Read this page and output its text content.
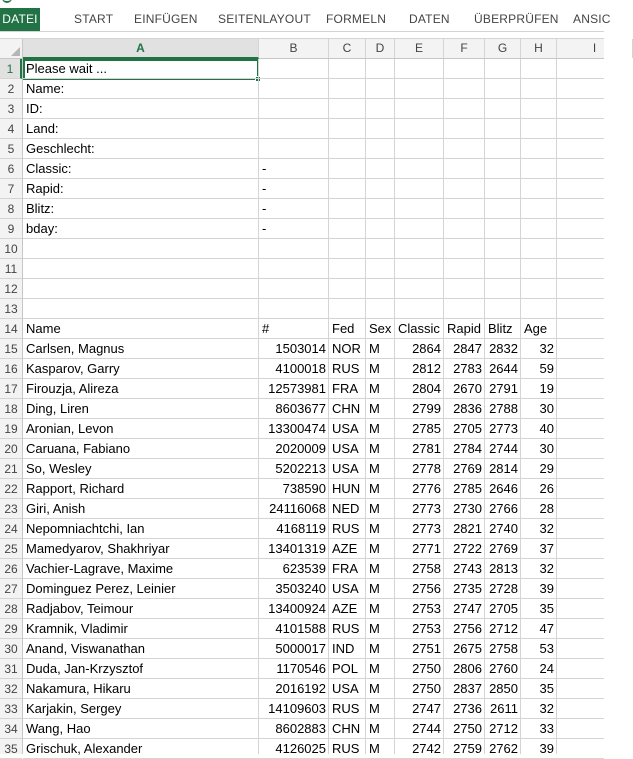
DATEI	START EINFÜGEN SEITENLAYOUT FORMELN DATEN ÜBERPRÜFEN ANSIC
A	B	C	D	E	F	G	H	I
1
2
3
4
5
6
7
8
9
10
11
12
13
14
15
16
17
18
19
20
21
22
23
24
25
26
27
28
29
30
31
32
33
34
35
Please wait ...
Name:
ID:
Land:
Geschlecht:
Classic:	-
Rapid:	-
Blitz:	-
bday:	-
Name	#	Fed	Sex Classic Rapid Blitz Age
Carlsen, Magnus	1503014 NOR M	2864 2847 2832	32
Kasparov, Garry	4100018 RUS M	2812 2783 2644	59
Firouzja, Alireza	12573981 FRA M	2804 2670 2791	19
Ding, Liren	8603677 CHN M	2799 2836 2788	30
Aronian, Levon	13300474 USA M	2785 2705 2773	40
Caruana, Fabiano	2020009 USA M	2781 2784 2744	30
So, Wesley	5202213 USA M	2778 2769 2814	29
Rapport, Richard	738590 HUN M	2776 2785 2646	26
Giri, Anish	24116068 NED M	2773 2730 2766	28
Nepomniachtchi, Ian	4168119 RUS M	2773 2821 2740	32
Mamedyarov, Shakhriyar	13401319 AZE M	2771 2722 2769	37
Vachier-Lagrave, Maxime	623539 FRA M	2758 2743 2813	32
Dominguez Perez, Leinier	3503240 USA M	2756 2735 2728	39
Radjabov, Teimour	13400924 AZE M	2753 2747 2705	35
Kramnik, Vladimir	4101588 RUS M	2753 2756 2712	47
Anand, Viswanathan	5000017 IND	M	2751 2675 2758	53
Duda, Jan-Krzysztof	1170546 POL M	2750 2806 2760	24
Nakamura, Hikaru	2016192 USA M	2750 2837 2850	35
Karjakin, Sergey	14109603 RUS M	2747 2736 2611	32
Wang, Hao	8602883 CHN M	2744 2750 2712	33
Grischuk, Alexander	4126025 RUS M	2742 2759 2762	39
